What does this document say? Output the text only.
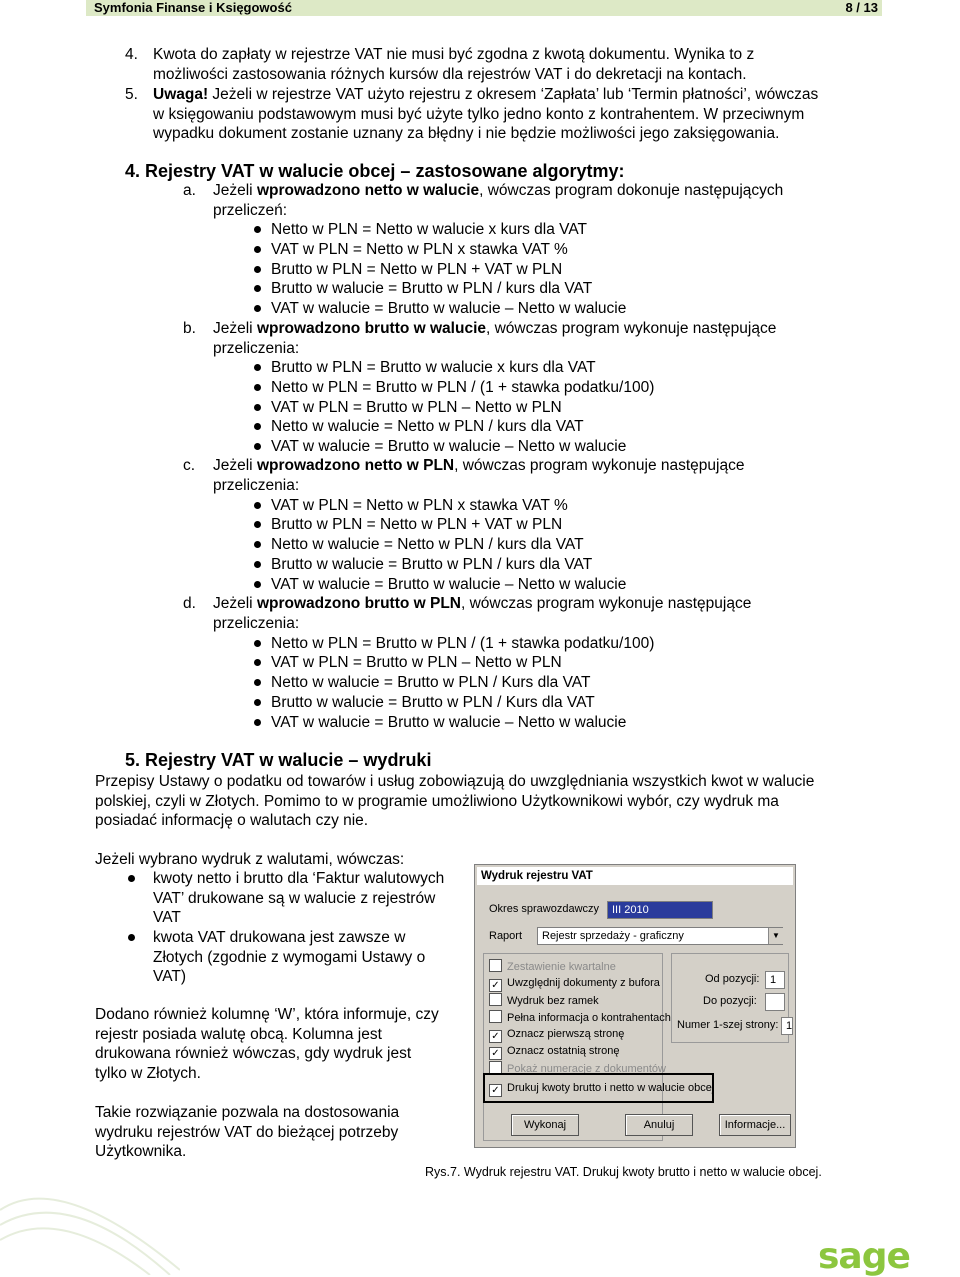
Symfonia Finanse i Księgowość	8 / 13
4. Kwota do zapłaty w rejestrze VAT nie musi być zgodna z kwotą dokumentu. Wynika to z
możliwości zastosowania różnych kursów dla rejestrów VAT i do dekretacji na kontach.
5. Uwaga! Jeżeli w rejestrze VAT użyto rejestru z okresem ‘Zapłata’ lub ‘Termin płatności’, wówczas
w księgowaniu podstawowym musi być użyte tylko jedno konto z kontrahentem. W przeciwnym
wypadku dokument zostanie uznany za błędny i nie będzie możliwości jego zaksięgowania.
4. Rejestry VAT w walucie obcej – zastosowane algorytmy:
a. Jeżeli wprowadzono netto w walucie, wówczas program dokonuje następujących
przeliczeń:
Netto w PLN = Netto w walucie x kurs dla VAT
VAT w PLN = Netto w PLN x stawka VAT %
Brutto w PLN = Netto w PLN + VAT w PLN
Brutto w walucie = Brutto w PLN / kurs dla VAT
VAT w walucie = Brutto w walucie – Netto w walucie
b. Jeżeli wprowadzono brutto w walucie, wówczas program wykonuje następujące
przeliczenia:
Brutto w PLN = Brutto w walucie x kurs dla VAT
Netto w PLN = Brutto w PLN / (1 + stawka podatku/100)
VAT w PLN = Brutto w PLN – Netto w PLN
Netto w walucie = Netto w PLN / kurs dla VAT
VAT w walucie = Brutto w walucie – Netto w walucie
c. Jeżeli wprowadzono netto w PLN, wówczas program wykonuje następujące
przeliczenia:
VAT w PLN = Netto w PLN x stawka VAT %
Brutto w PLN = Netto w PLN + VAT w PLN
Netto w walucie = Netto w PLN / kurs dla VAT
Brutto w walucie = Brutto w PLN / kurs dla VAT
VAT w walucie = Brutto w walucie – Netto w walucie
d. Jeżeli wprowadzono brutto w PLN, wówczas program wykonuje następujące
przeliczenia:
Netto w PLN = Brutto w PLN / (1 + stawka podatku/100)
VAT w PLN = Brutto w PLN – Netto w PLN
Netto w walucie = Brutto w PLN / Kurs dla VAT
Brutto w walucie = Brutto w PLN / Kurs dla VAT
VAT w walucie = Brutto w walucie – Netto w walucie
5. Rejestry VAT w walucie – wydruki
Przepisy Ustawy o podatku od towarów i usług zobowiązują do uwzględniania wszystkich kwot w walucie
polskiej, czyli w Złotych. Pomimo to w programie umożliwiono Użytkownikowi wybór, czy wydruk ma
posiadać informację o walutach czy nie.
Jeżeli wybrano wydruk z walutami, wówczas:
kwoty netto i brutto dla ‘Faktur walutowych
VAT’ drukowane są w walucie z rejestrów
VAT
kwota VAT drukowana jest zawsze w
Złotych (zgodnie z wymogami Ustawy o
VAT)
Dodano również kolumnę ‘W’, która informuje, czy
rejestr posiada walutę obcą. Kolumna jest
drukowana również wówczas, gdy wydruk jest
tylko w Złotych.
Takie rozwiązanie pozwala na dostosowania
wydruku rejestrów VAT do bieżącej potrzeby
Użytkownika.
Wydruk rejestru VAT
Okres sprawozdawczy	III 2010
Raport	Rejestr sprzedaży - graficzny	▼
Zestawienie kwartalne
✓ Uwzględnij dokumenty z bufora
Wydruk bez ramek
Pełna informacja o kontrahentach
✓ Oznacz pierwszą stronę
✓ Oznacz ostatnią stronę
Pokaż numeracje z dokumentów
✓ Drukuj kwoty brutto i netto w walucie obcej
Od pozycji: 1
Do pozycji:
Numer 1-szej strony: 1
Wykonaj	Anuluj	Informacje...
Rys.7. Wydruk rejestru VAT. Drukuj kwoty brutto i netto w walucie obcej.
sage
